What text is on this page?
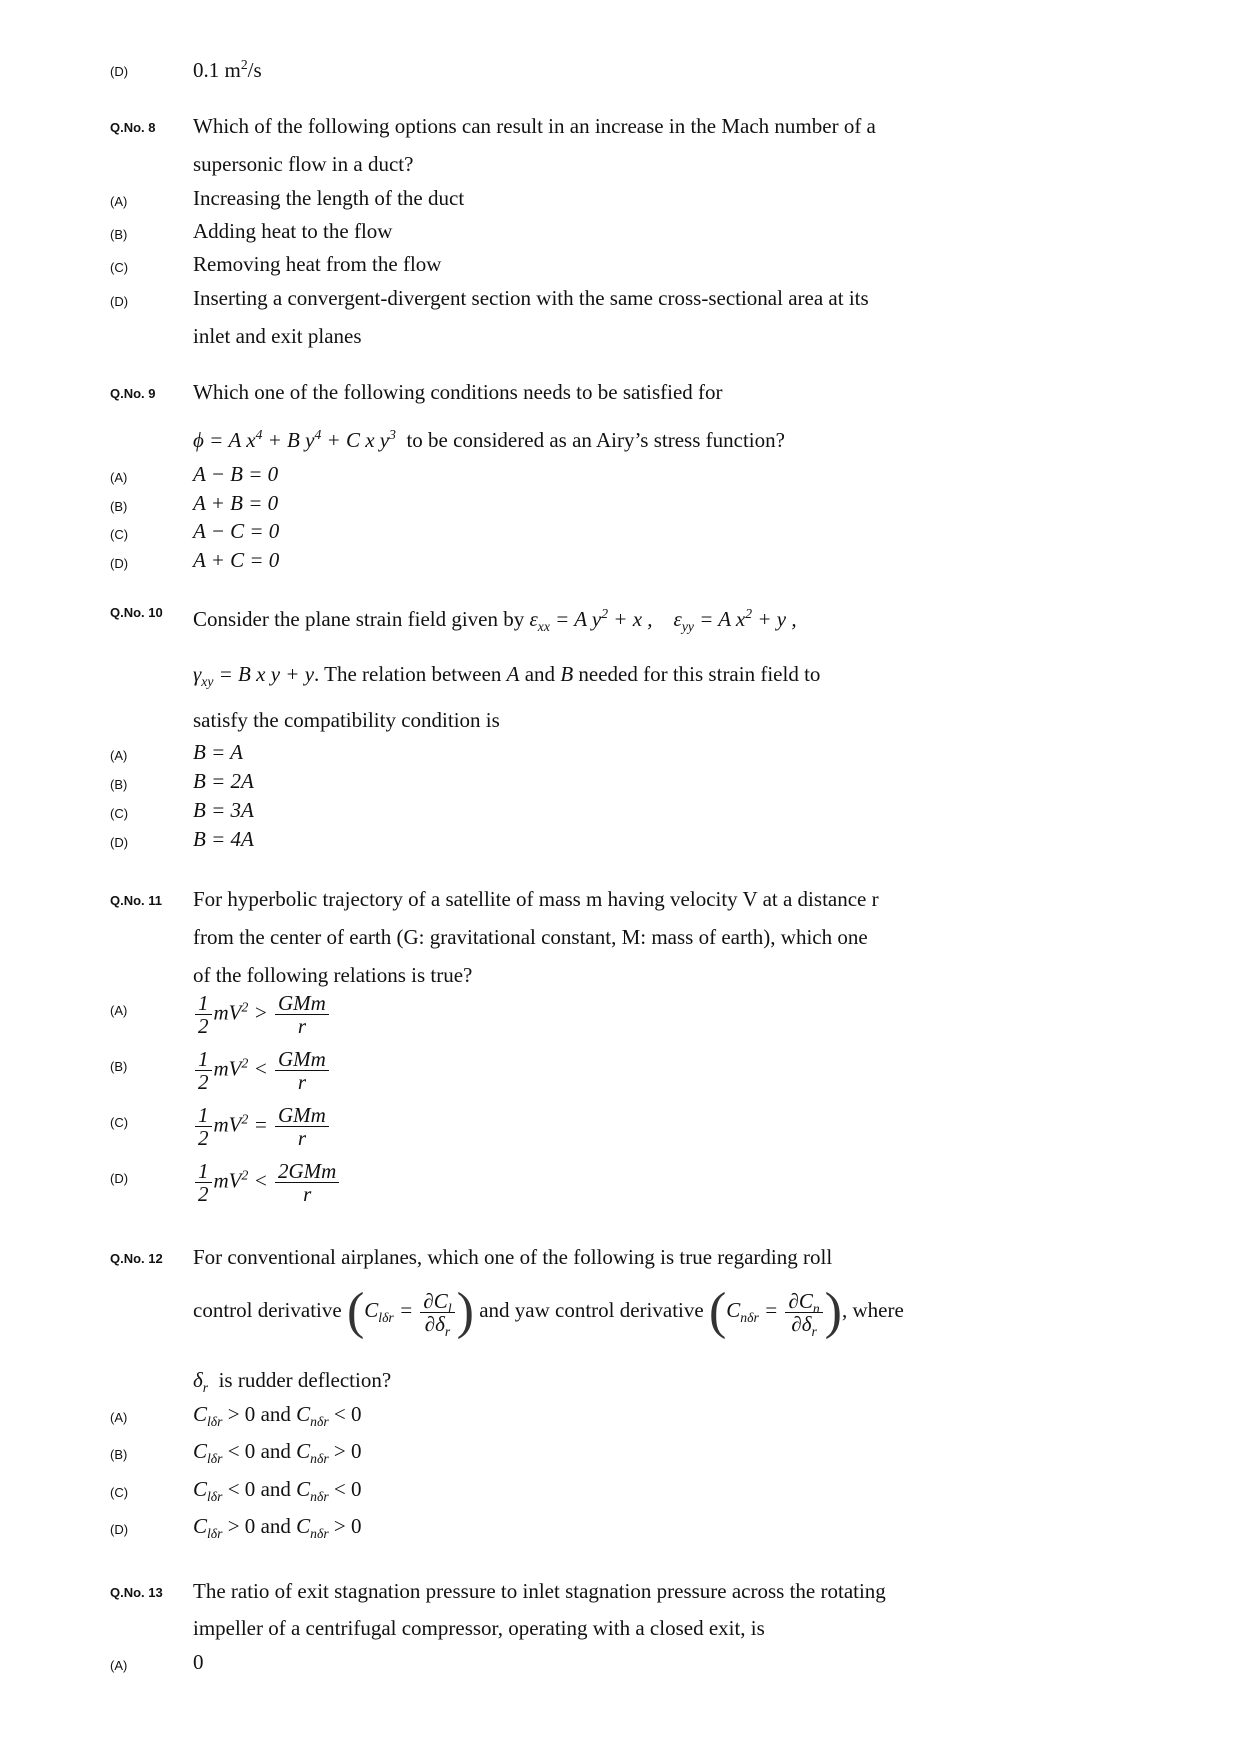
(D)	0.1 $m^2/s$
Q.No. 8 Which of the following options can result in an increase in the Mach number of a
supersonic flow in a duct?
(A)	Increasing the length of the duct
(B)	Adding heat to the flow
(C)	Removing heat from the flow
(D)	Inserting a convergent-divergent section with the same cross-sectional area at its
inlet and exit planes
Q.No. 9 Which one of the following conditions needs to be satisfied for
ϕ = A $x^4 + B$ $y^4 + C$ x $y^3$ to be considered as an Airy’s stress function?
(A)	A − B = 0
(B)	A + B = 0
(C)	A − C = 0
(D)	A + C = 0
Q.No. 10 Consider the plane strain field given by $\varepsilon_{xx} = A$ $y^2 + x$ , $\varepsilon_{yy} = A$ $x^2 + y$ ,
$\gamma_{xy} = B$ x y + y. The relation between A and B needed for this strain field to
satisfy the compatibility condition is
(A)	B = A
(B)	B = 2A
(C)	B = 3A
(D)	B = 4A
Q.No. 11 For hyperbolic trajectory of a satellite of mass m having velocity V at a distance r
from the center of earth (G: gravitational constant, M: mass of earth), which one
of the following relations is true?
(A)	$\frac{1}{2} mV^2 > \frac{\text{GMm}}{r}$
(B)	$\frac{1}{2} mV^2 < \frac{\text{GMm}}{r}$
(C)	$\frac{1}{2} mV^2 = \frac{\text{GMm}}{r}$
(D)	$\frac{1}{2} mV^2 < \frac{\text{2GMm}}{r}$
Q.No. 12 For conventional airplanes, which one of the following is true regarding roll
control derivative ($C_{l\delta r} = \frac{\partial C_l}{\partial\delta_r}$ ) and yaw control derivative ($C_{n\delta r} = \frac{\partial C_n}{\partial\delta_r}$ ), where
$\delta_r$ is rudder deflection?
(A)	$C_{l\delta r} > 0$ and $C_{n\delta r} < 0$
(B)	$C_{l\delta r} < 0$ and $C_{n\delta r} > 0$
(C)	$C_{l\delta r} < 0$ and $C_{n\delta r} < 0$
(D)	$C_{l\delta r} > 0$ and $C_{n\delta r} > 0$
Q.No. 13 The ratio of exit stagnation pressure to inlet stagnation pressure across the rotating
impeller of a centrifugal compressor, operating with a closed exit, is
(A)	0
